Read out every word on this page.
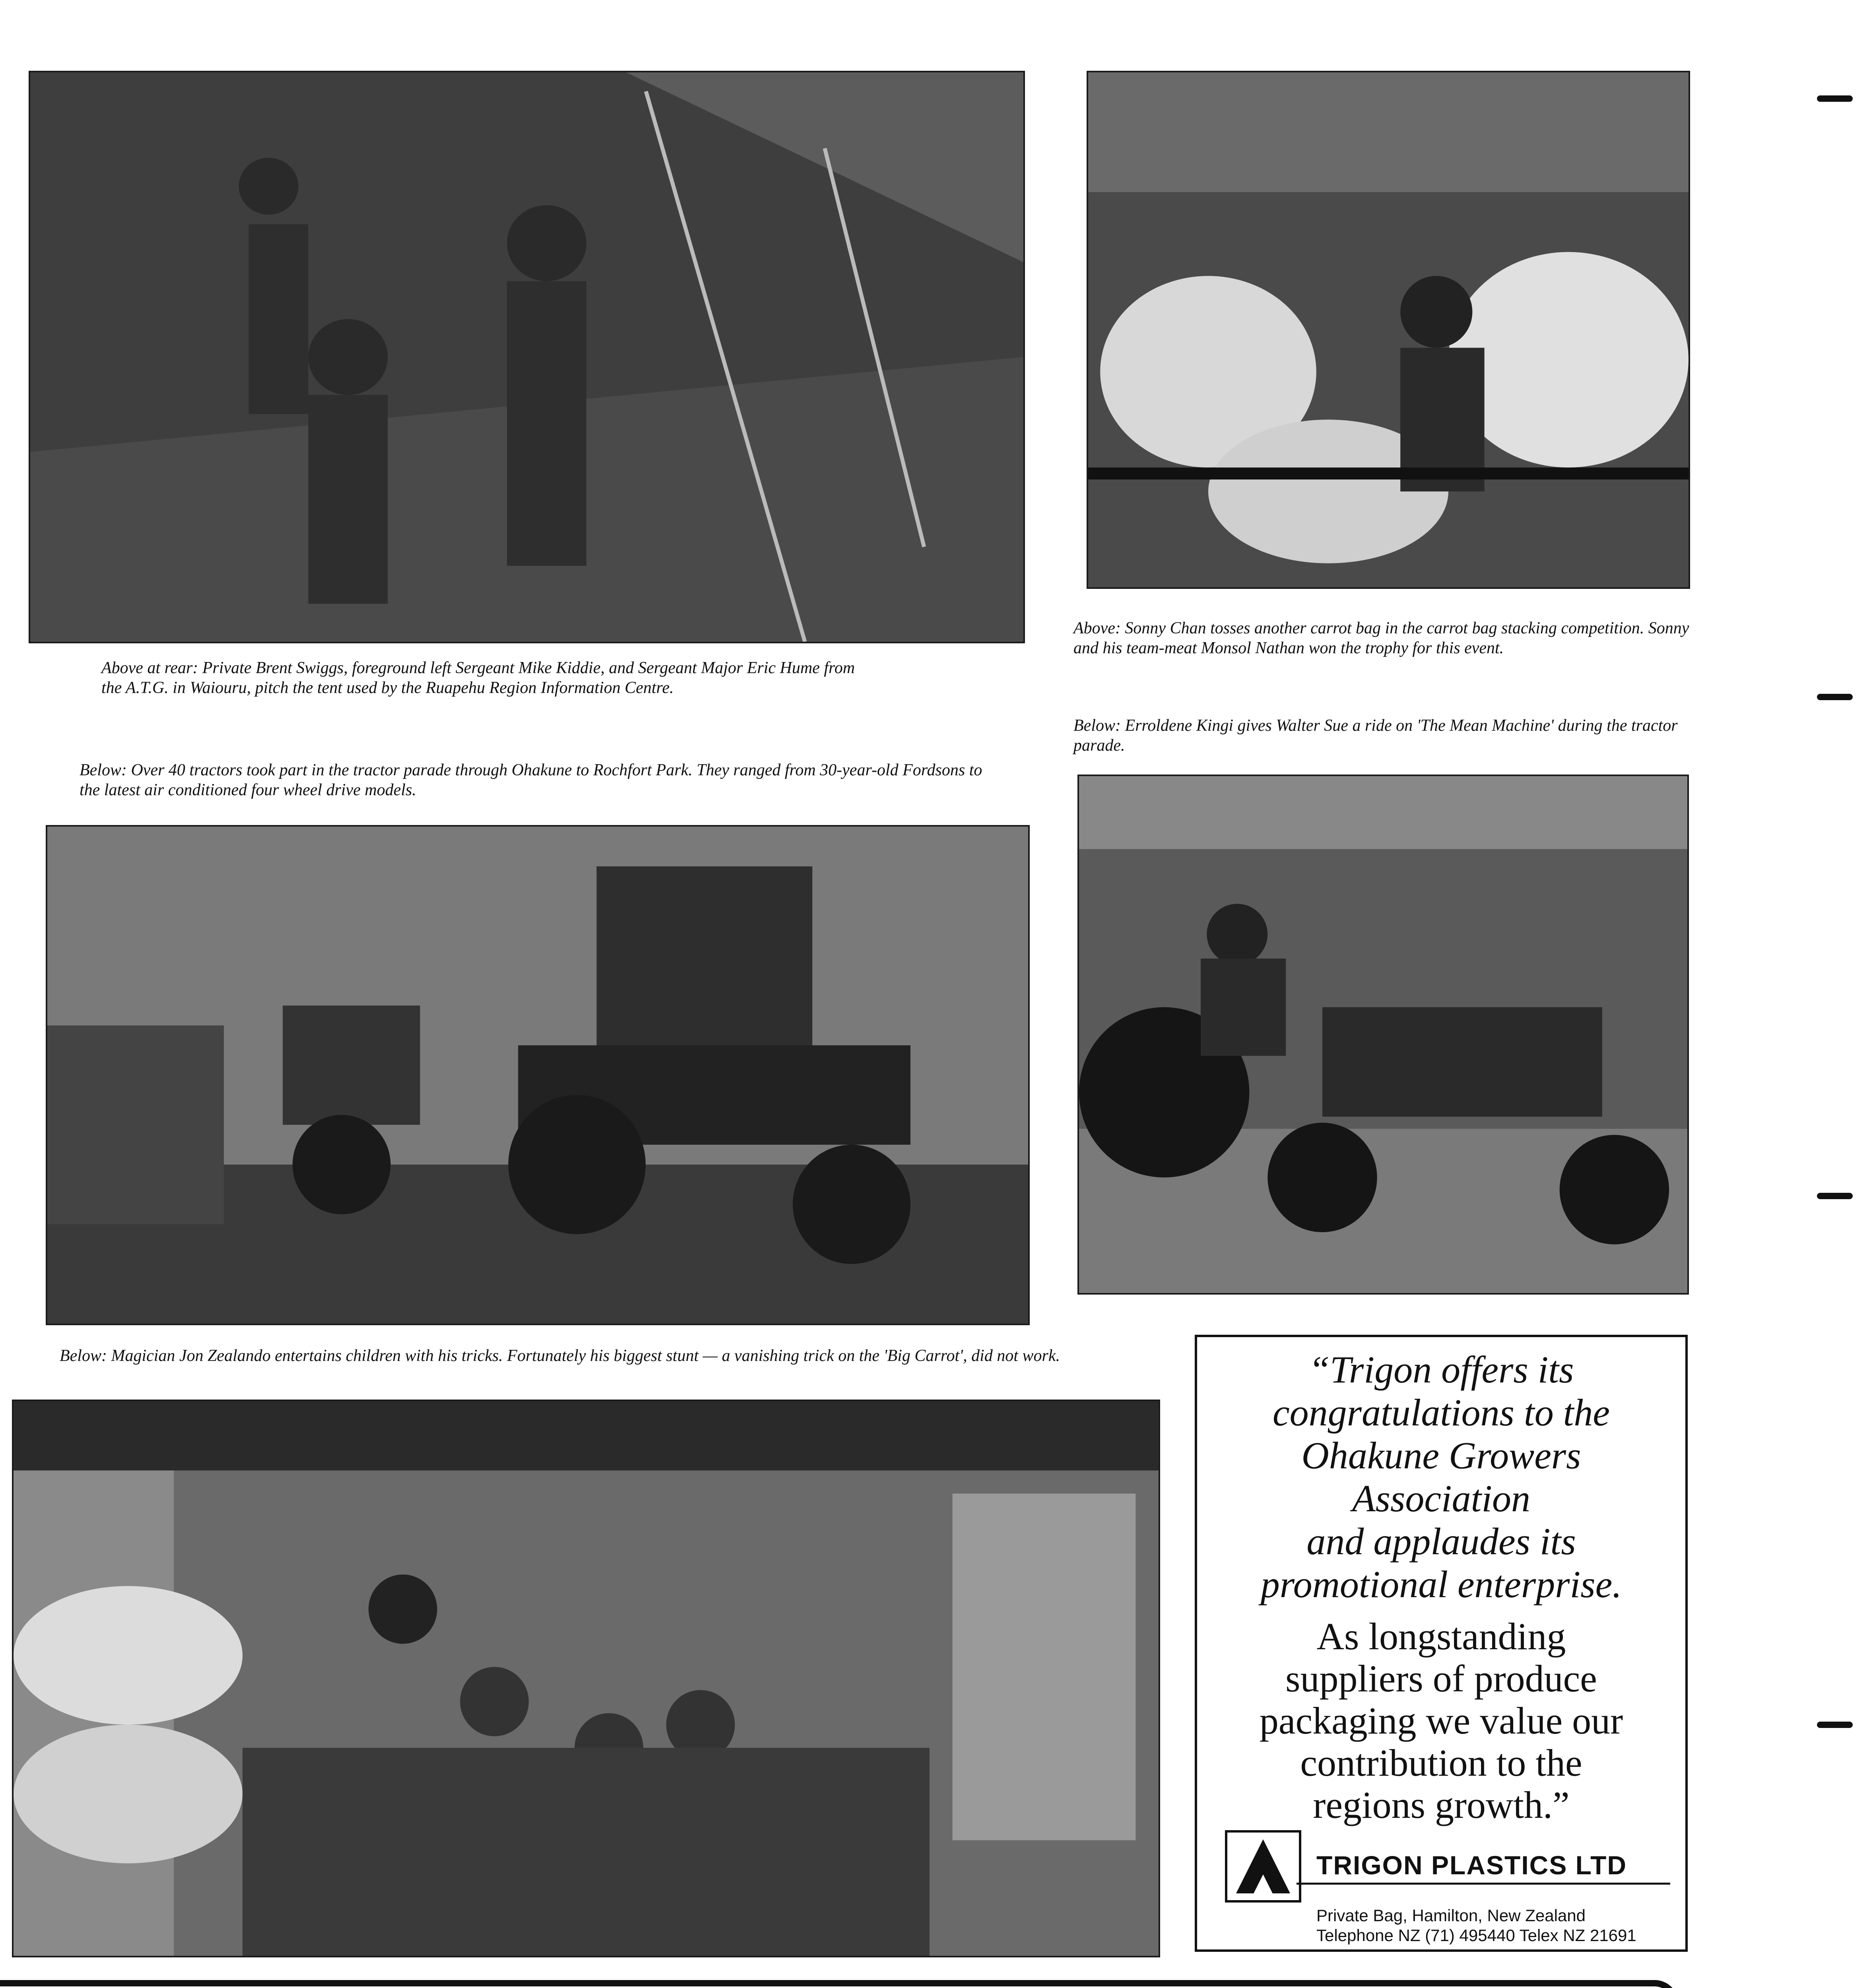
Above at rear: Private Brent Swiggs, foreground left Sergeant Mike Kiddie, and Sergeant Major Eric Hume from the A.T.G. in Waiouru, pitch the tent used by the Ruapehu Region Information Centre.
Below: Over 40 tractors took part in the tractor parade through Ohakune to Rochfort Park. They ranged from 30-year-old Fordsons to the latest air conditioned four wheel drive models.
Above: Sonny Chan tosses another carrot bag in the carrot bag stacking competition. Sonny and his team-meat Monsol Nathan won the trophy for this event.
Below: Erroldene Kingi gives Walter Sue a ride on 'The Mean Machine' during the tractor parade.
Below: Magician Jon Zealando entertains children with his tricks. Fortunately his biggest stunt — a vanishing trick on the 'Big Carrot', did not work.	“Trigon offers its
congratulations to the
Ohakune Growers
Association
and applaudes its
promotional enterprise.
As longstanding
suppliers of produce
packaging we value our
contribution to the
regions growth.”
TRIGON PLASTICS LTD
Private Bag, Hamilton, New Zealand
Telephone NZ (71) 495440 Telex NZ 21691
